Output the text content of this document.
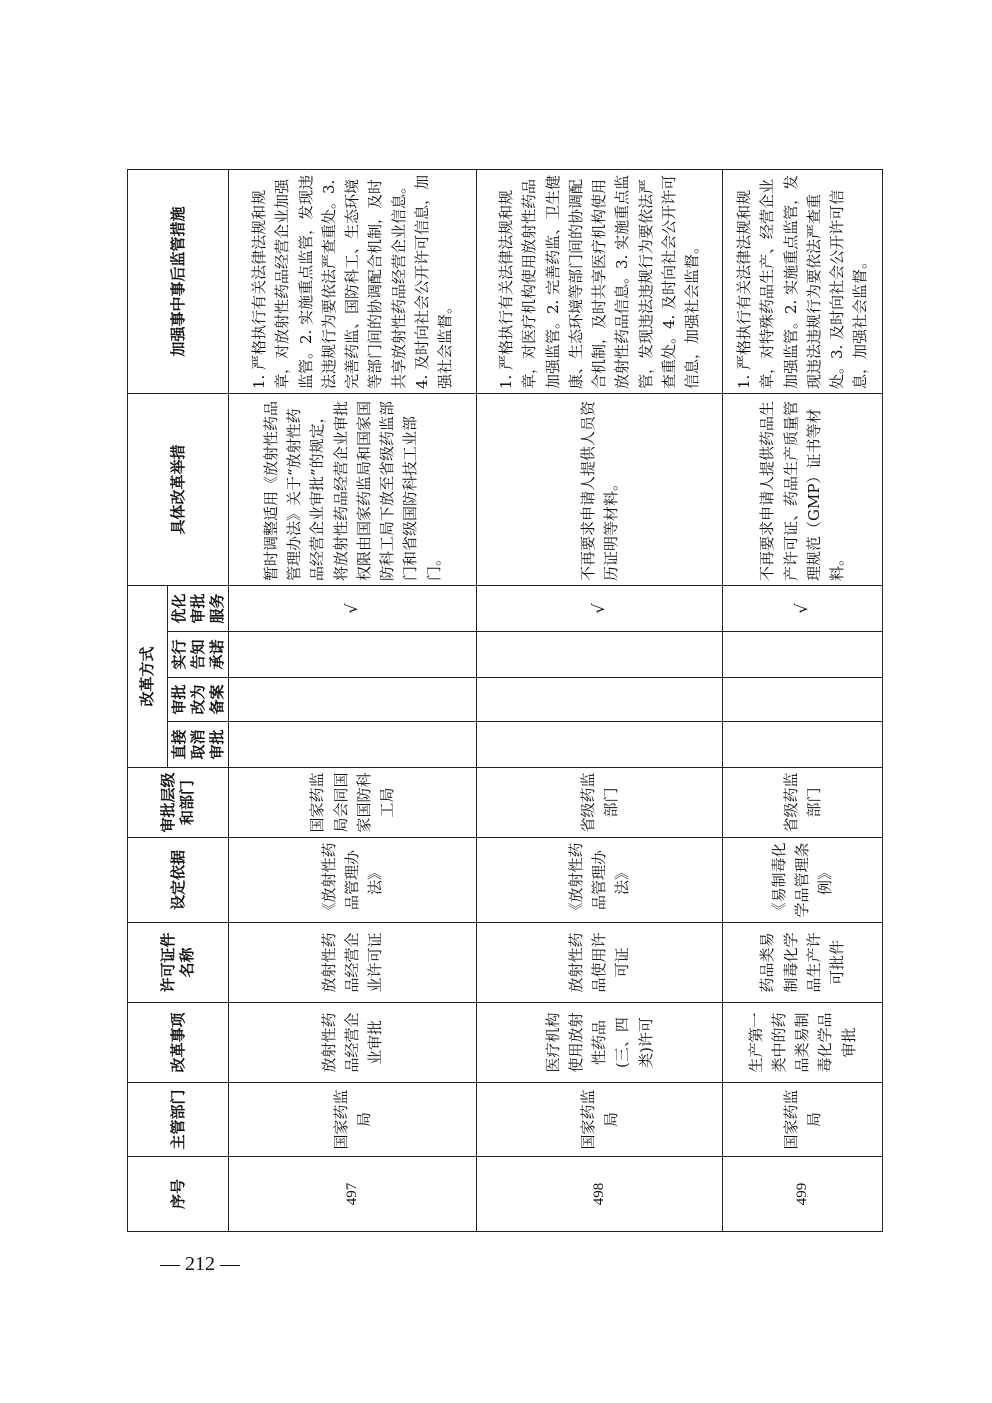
序号	主管部门	改革事项	许可证件名称	设定依据	审批层级和部门	改革方式				具体改革举措	加强事中事后监管措施
						直接取消审批	审批改为备案	实行告知承诺	优化审批服务		
497	国家药监局	放射性药品经营企业审批	放射性药品经营企业许可证	《放射性药品管理办法》	国家药监局会同国家国防科工局				√	暂时调整适用《放射性药品管理办法》关于“放射性药品经营企业审批”的规定，将放射性药品经营企业审批权限由国家药监局和国家国防科工局下放至省级药监部门和省级国防科技工业部门。	1. 严格执行有关法律法规和规章，对放射性药品经营企业加强监管。2. 实施重点监管，发现违法违规行为要依法严查重处。3. 完善药监、国防科工、生态环境等部门间的协调配合机制，及时共享放射性药品经营企业信息。4. 及时向社会公开许可信息，加强社会监督。
498	国家药监局	医疗机构使用放射性药品(三、四类)许可	放射性药品使用许可证	《放射性药品管理办法》	省级药监部门				√	不再要求申请人提供人员资历证明等材料。	1. 严格执行有关法律法规和规章，对医疗机构使用放射性药品加强监管。2. 完善药监、卫生健康、生态环境等部门间的协调配合机制，及时共享医疗机构使用放射性药品信息。3. 实施重点监管，发现违法违规行为要依法严查重处。4. 及时向社会公开许可信息，加强社会监督。
499	国家药监局	生产第一类中的药品类易制毒化学品审批	药品类易制毒化学品生产许可批件	《易制毒化学品管理条例》	省级药监部门				√	不再要求申请人提供药品生产许可证、药品生产质量管理规范（GMP）证书等材料。	1. 严格执行有关法律法规和规章，对特殊药品生产、经营企业加强监管。2. 实施重点监管，发现违法违规行为要依法严查重处。3. 及时向社会公开许可信息，加强社会监督。
— 212 —
